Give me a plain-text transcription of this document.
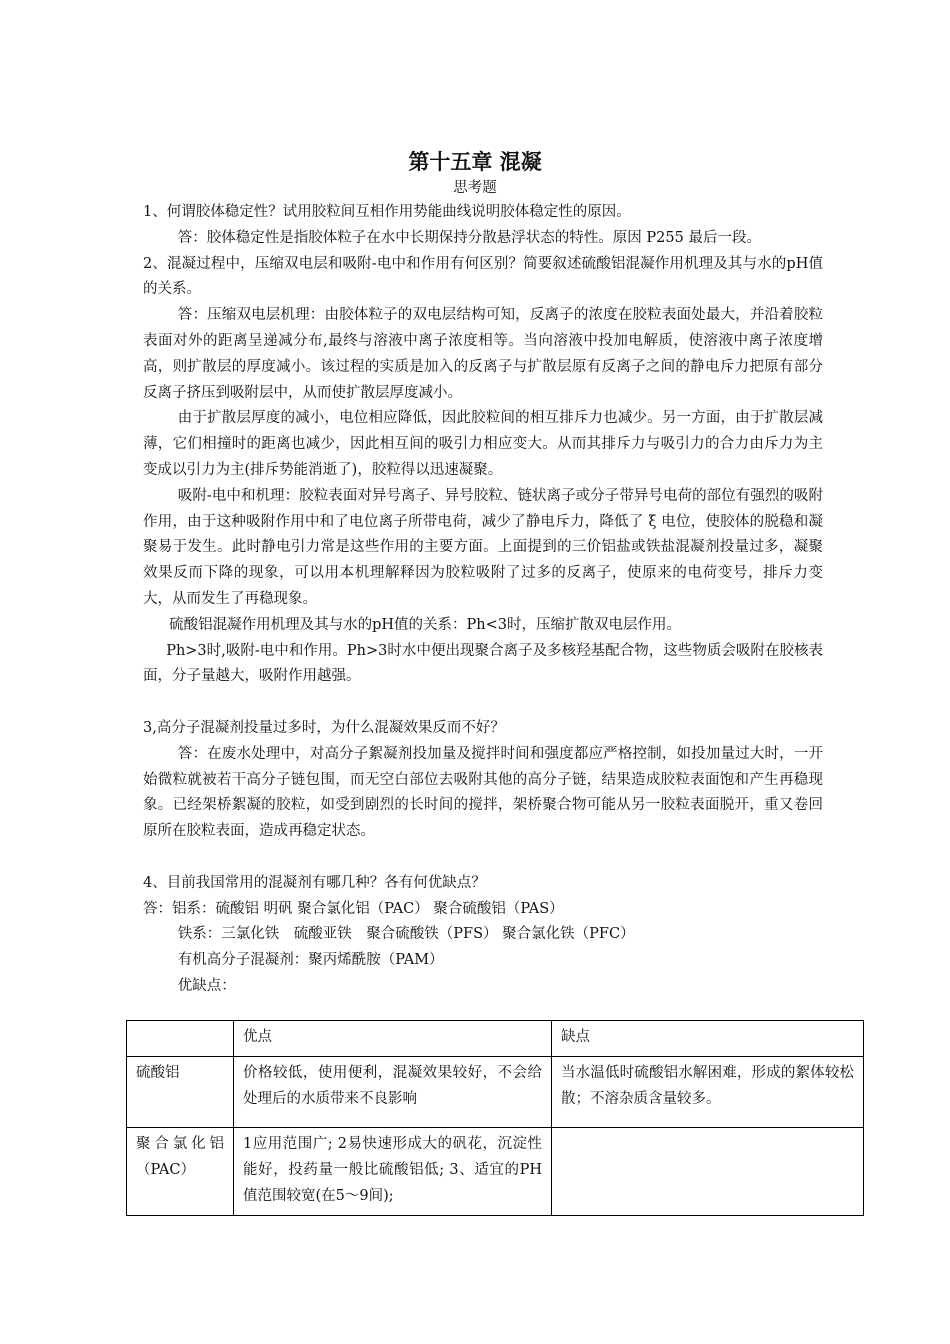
第十五章 混凝
思考题

1、何谓胶体稳定性？试用胶粒间互相作用势能曲线说明胶体稳定性的原因。

答：胶体稳定性是指胶体粒子在水中长期保持分散悬浮状态的特性。原因 P255 最后一段。

2、混凝过程中，压缩双电层和吸附-电中和作用有何区别？简要叙述硫酸铝混凝作用机理及其与水的pH值的关系。

答：压缩双电层机理：由胶体粒子的双电层结构可知，反离子的浓度在胶粒表面处最大，并沿着胶粒表面对外的距离呈递减分布,最终与溶液中离子浓度相等。当向溶液中投加电解质，使溶液中离子浓度增高，则扩散层的厚度减小。该过程的实质是加入的反离子与扩散层原有反离子之间的静电斥力把原有部分反离子挤压到吸附层中，从而使扩散层厚度减小。

由于扩散层厚度的减小，电位相应降低，因此胶粒间的相互排斥力也减少。另一方面，由于扩散层减薄，它们相撞时的距离也减少，因此相互间的吸引力相应变大。从而其排斥力与吸引力的合力由斥力为主变成以引力为主(排斥势能消逝了)，胶粒得以迅速凝聚。

吸附-电中和机理：胶粒表面对异号离子、异号胶粒、链状离子或分子带异号电荷的部位有强烈的吸附作用，由于这种吸附作用中和了电位离子所带电荷，减少了静电斥力，降低了 ξ 电位，使胶体的脱稳和凝聚易于发生。此时静电引力常是这些作用的主要方面。上面提到的三价铝盐或铁盐混凝剂投量过多，凝聚效果反而下降的现象，可以用本机理解释因为胶粒吸附了过多的反离子，使原来的电荷变号，排斥力变大，从而发生了再稳现象。

硫酸铝混凝作用机理及其与水的pH值的关系：Ph<3时，压缩扩散双电层作用。

Ph>3时,吸附-电中和作用。Ph>3时水中便出现聚合离子及多核羟基配合物，这些物质会吸附在胶核表面，分子量越大，吸附作用越强。

3,高分子混凝剂投量过多时，为什么混凝效果反而不好？

答：在废水处理中，对高分子絮凝剂投加量及搅拌时间和强度都应严格控制，如投加量过大时，一开始微粒就被若干高分子链包围，而无空白部位去吸附其他的高分子链，结果造成胶粒表面饱和产生再稳现象。已经架桥絮凝的胶粒，如受到剧烈的长时间的搅拌，架桥聚合物可能从另一胶粒表面脱开，重又卷回原所在胶粒表面，造成再稳定状态。

4、目前我国常用的混凝剂有哪几种？各有何优缺点？

答：铝系：硫酸铝 明矾 聚合氯化铝（PAC） 聚合硫酸铝（PAS）

铁系：三氯化铁　硫酸亚铁　聚合硫酸铁（PFS） 聚合氯化铁（PFC）

有机高分子混凝剂：聚丙烯酰胺（PAM）

优缺点：

	优点	缺点
硫酸铝	价格较低，使用便利，混凝效果较好，不会给处理后的水质带来不良影响	当水温低时硫酸铝水解困难，形成的絮体较松散；不溶杂质含量较多。
聚合氯化铝（PAC）	1应用范围广; 2易快速形成大的矾花，沉淀性能好，投药量一般比硫酸铝低; 3、适宜的PH值范围较宽(在5～9间);	
